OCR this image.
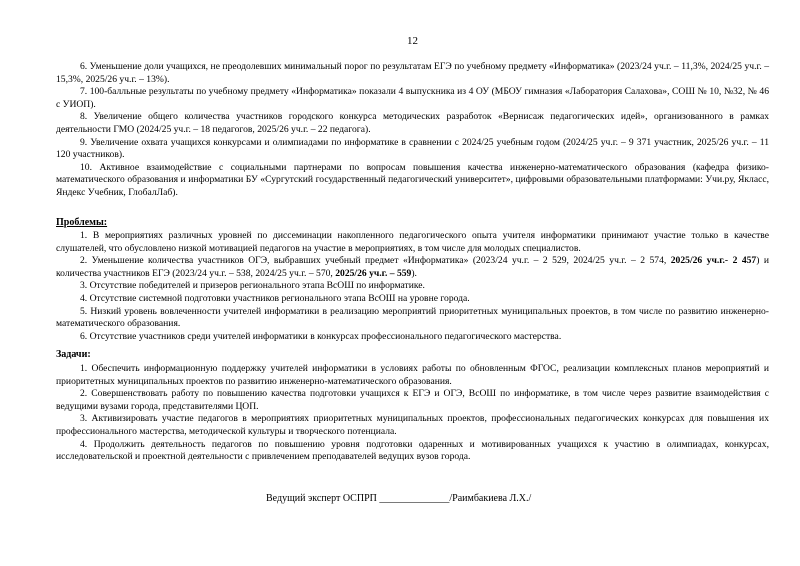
12

6. Уменьшение доли учащихся, не преодолевших минимальный порог по результатам ЕГЭ по учебному предмету «Информатика» (2023/24 уч.г. – 11,3%, 2024/25 уч.г. – 15,3%, 2025/26 уч.г. – 13%).

7. 100-балльные результаты по учебному предмету «Информатика» показали 4 выпускника из 4 ОУ (МБОУ гимназия «Лаборатория Салахова», СОШ № 10, №32, № 46 с УИОП).

8. Увеличение общего количества участников городского конкурса методических разработок «Вернисаж педагогических идей», организованного в рамках деятельности ГМО (2024/25 уч.г. – 18 педагогов, 2025/26 уч.г. – 22 педагога).

9. Увеличение охвата учащихся конкурсами и олимпиадами по информатике в сравнении с 2024/25 учебным годом (2024/25 уч.г. – 9 371 участник, 2025/26 уч.г. – 11 120 участников).

10. Активное взаимодействие с социальными партнерами по вопросам повышения качества инженерно-математического образования (кафедра физико-математического образования и информатики БУ «Сургутский государственный педагогический университет», цифровыми образовательными платформами: Учи.ру, Якласс, Яндекс Учебник, ГлобалЛаб).

Проблемы:

1. В мероприятиях различных уровней по диссеминации накопленного педагогического опыта учителя информатики принимают участие только в качестве слушателей, что обусловлено низкой мотивацией педагогов на участие в мероприятиях, в том числе для молодых специалистов.

2. Уменьшение количества участников ОГЭ, выбравших учебный предмет «Информатика» (2023/24 уч.г. – 2 529, 2024/25 уч.г. – 2 574, 2025/26 уч.г.- 2 457) и количества участников ЕГЭ (2023/24 уч.г. – 538, 2024/25 уч.г. – 570, 2025/26 уч.г. – 559).

3. Отсутствие победителей и призеров регионального этапа ВсОШ по информатике.

4. Отсутствие системной подготовки участников регионального этапа ВсОШ на уровне города.

5. Низкий уровень вовлеченности учителей информатики в реализацию мероприятий приоритетных муниципальных проектов, в том числе по развитию инженерно-математического образования.

6. Отсутствие участников среди учителей информатики в конкурсах профессионального педагогического мастерства.

Задачи:

1. Обеспечить информационную поддержку учителей информатики в условиях работы по обновленным ФГОС, реализации комплексных планов мероприятий и приоритетных муниципальных проектов по развитию инженерно-математического образования.

2. Совершенствовать работу по повышению качества подготовки учащихся к ЕГЭ и ОГЭ, ВсОШ по информатике, в том числе через развитие взаимодействия с ведущими вузами города, представителями ЦОП.

3. Активизировать участие педагогов в мероприятиях приоритетных муниципальных проектов, профессиональных педагогических конкурсах для повышения их профессионального мастерства, методической культуры и творческого потенциала.

4. Продолжить деятельность педагогов по повышению уровня подготовки одаренных и мотивированных учащихся к участию в олимпиадах, конкурсах, исследовательской и проектной деятельности с привлечением преподавателей ведущих вузов города.

Ведущий эксперт ОСПРП ______________/Раимбакиева Л.Х./
